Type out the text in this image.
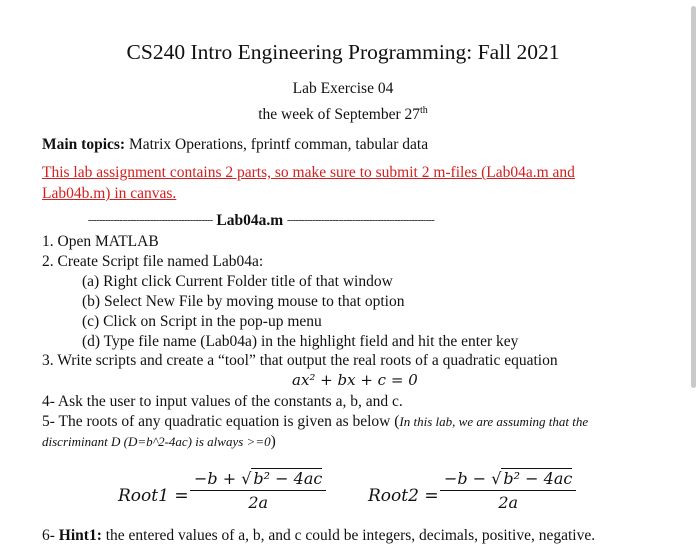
CS240 Intro Engineering Programming: Fall 2021
Lab Exercise 04
the week of September 27th
Main topics: Matrix Operations, fprintf comman, tabular data
This lab assignment contains 2 parts, so make sure to submit 2 m-files (Lab04a.m and
Lab04b.m) in canvas.
-------------------------------------------- Lab04a.m ----------------------------------------------------
1. Open MATLAB
2. Create Script file named Lab04a:
(a) Right click Current Folder title of that window
(b) Select New File by moving mouse to that option
(c) Click on Script in the pop-up menu
(d) Type file name (Lab04a) in the highlight field and hit the enter key
3. Write scripts and create a “tool” that output the real roots of a quadratic equation
ax² + bx + c = 0
4- Ask the user to input values of the constants a, b, and c.
5- The roots of any quadratic equation is given as below (In this lab, we are assuming that the
discriminant D (D=b^2-4ac) is always >=0)
Root1 = $\frac{\text{−b + √ b² − 4ac}}{2a}$ Root2 = $\frac{\text{−b − √ b² − 4ac}}{2a}$
6- Hint1: the entered values of a, b, and c could be integers, decimals, positive, negative.
